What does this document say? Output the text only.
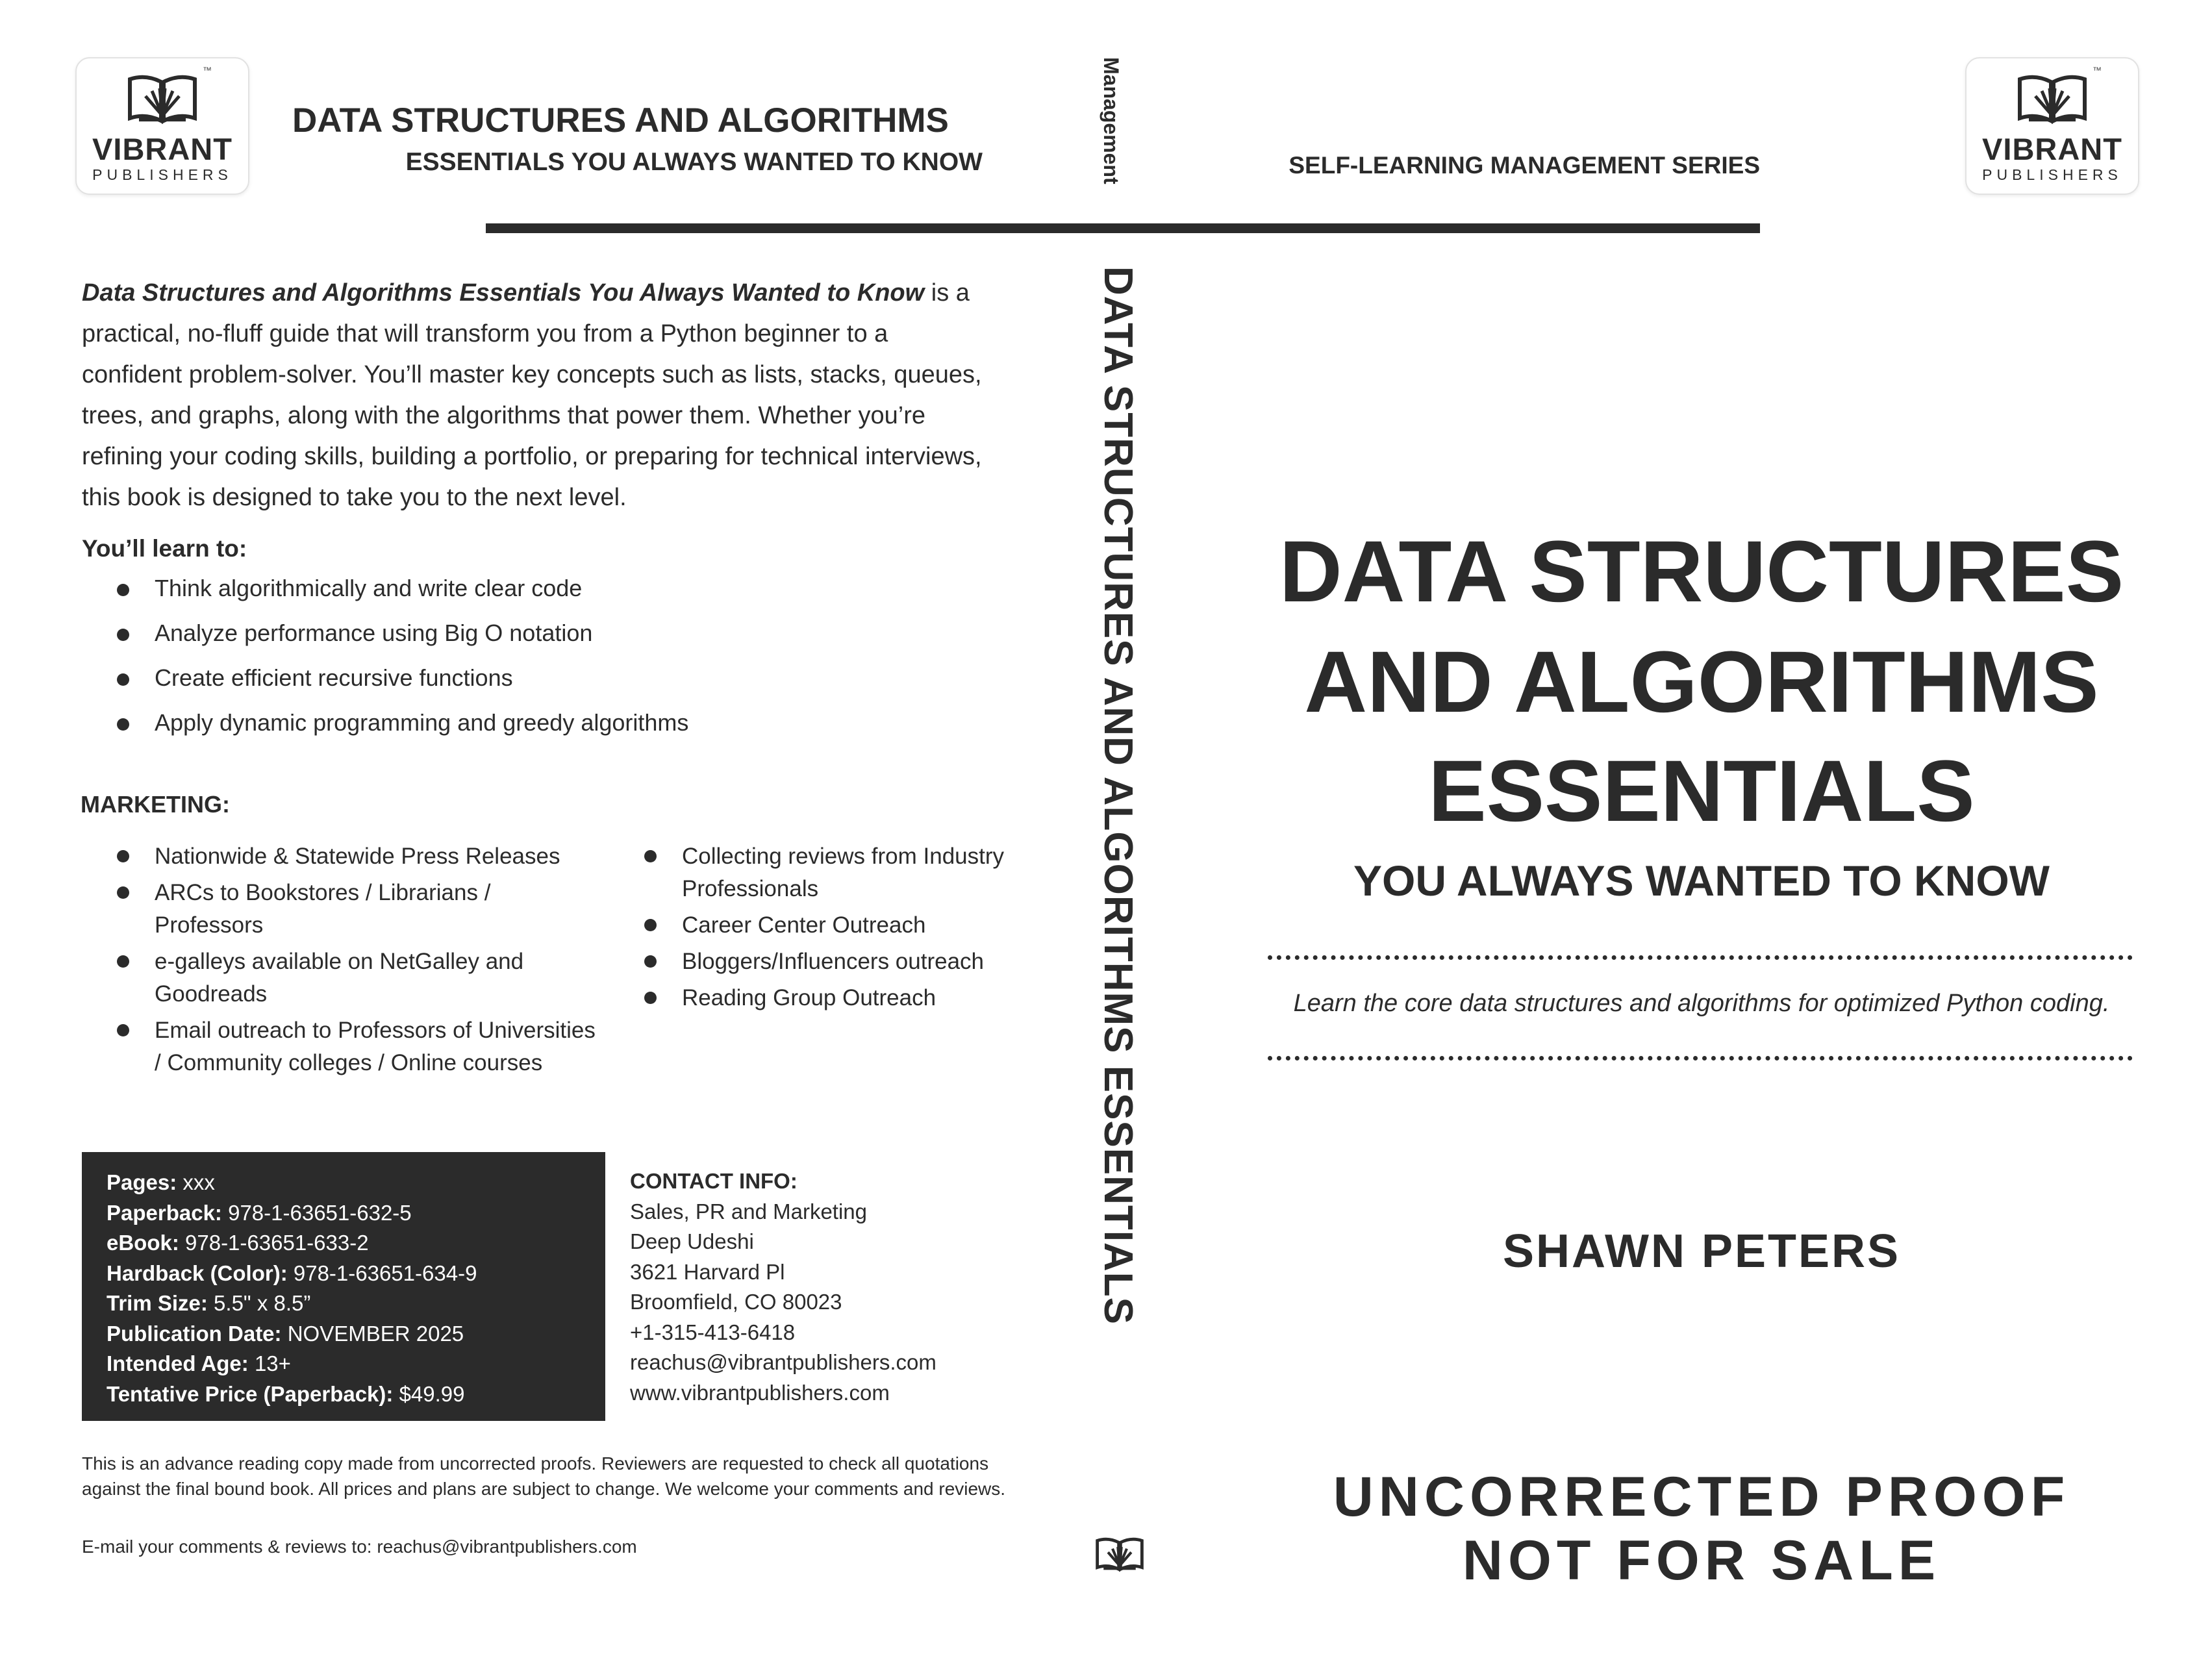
™
VIBRANT
PUBLISHERS
™
VIBRANT
PUBLISHERS
DATA STRUCTURES AND ALGORITHMS
ESSENTIALS YOU ALWAYS WANTED TO KNOW	SELF-LEARNING MANAGEMENT SERIES
Management
DATA STRUCTURES AND ALGORITHMS ESSENTIALS
Data Structures and Algorithms Essentials You Always Wanted to Know is a practical, no-fluff guide that will transform you from a Python beginner to a confident problem-solver. You’ll master key concepts such as lists, stacks, queues, trees, and graphs, along with the algorithms that power them. Whether you’re refining your coding skills, building a portfolio, or preparing for technical interviews, this book is designed to take you to the next level.
You’ll learn to:
Think algorithmically and write clear code
Analyze performance using Big O notation
Create efficient recursive functions
Apply dynamic programming and greedy algorithms
MARKETING:
Nationwide & Statewide Press Releases
ARCs to Bookstores / Librarians / Professors
e-galleys available on NetGalley and Goodreads
Email outreach to Professors of Universities / Community colleges / Online courses
Collecting reviews from Industry Professionals
Career Center Outreach
Bloggers/Influencers outreach
Reading Group Outreach
Pages: xxx
Paperback: 978-1-63651-632-5
eBook: 978-1-63651-633-2
Hardback (Color): 978-1-63651-634-9
Trim Size: 5.5" x 8.5”
Publication Date: NOVEMBER 2025
Intended Age: 13+
Tentative Price (Paperback): $49.99
CONTACT INFO:
Sales, PR and Marketing
Deep Udeshi
3621 Harvard Pl
Broomfield, CO 80023
+1-315-413-6418
reachus@vibrantpublishers.com
www.vibrantpublishers.com
This is an advance reading copy made from uncorrected proofs. Reviewers are requested to check all quotations against the final bound book. All prices and plans are subject to change. We welcome your comments and reviews.
E-mail your comments & reviews to: reachus@vibrantpublishers.com
DATA STRUCTURES
AND ALGORITHMS
ESSENTIALS
YOU ALWAYS WANTED TO KNOW
Learn the core data structures and algorithms for optimized Python coding.
SHAWN PETERS
UNCORRECTED PROOF
NOT FOR SALE
